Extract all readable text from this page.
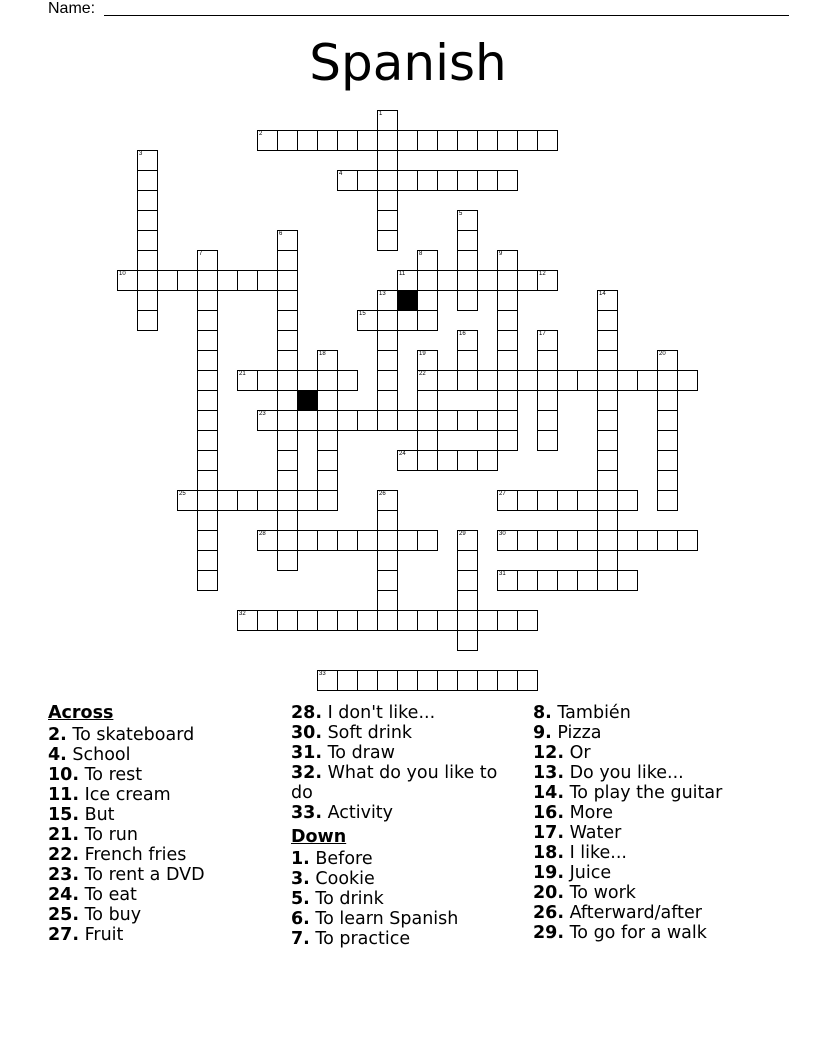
Name:
Spanish
2
4
10	11
15
21	22
23
24
25	27
28	30
31
32
33
1
3
5
6
7	8	9
12
13	14
16	17
18	19	20
26
29
Across
2. To skateboard
4. School
10. To rest
11. Ice cream
15. But
21. To run
22. French fries
23. To rent a DVD
24. To eat
25. To buy
27. Fruit
28. I don't like...
30. Soft drink
31. To draw
32. What do you like to do
33. Activity
Down
1. Before
3. Cookie
5. To drink
6. To learn Spanish
7. To practice
8. También
9. Pizza
12. Or
13. Do you like...
14. To play the guitar
16. More
17. Water
18. I like...
19. Juice
20. To work
26. Afterward/after
29. To go for a walk
